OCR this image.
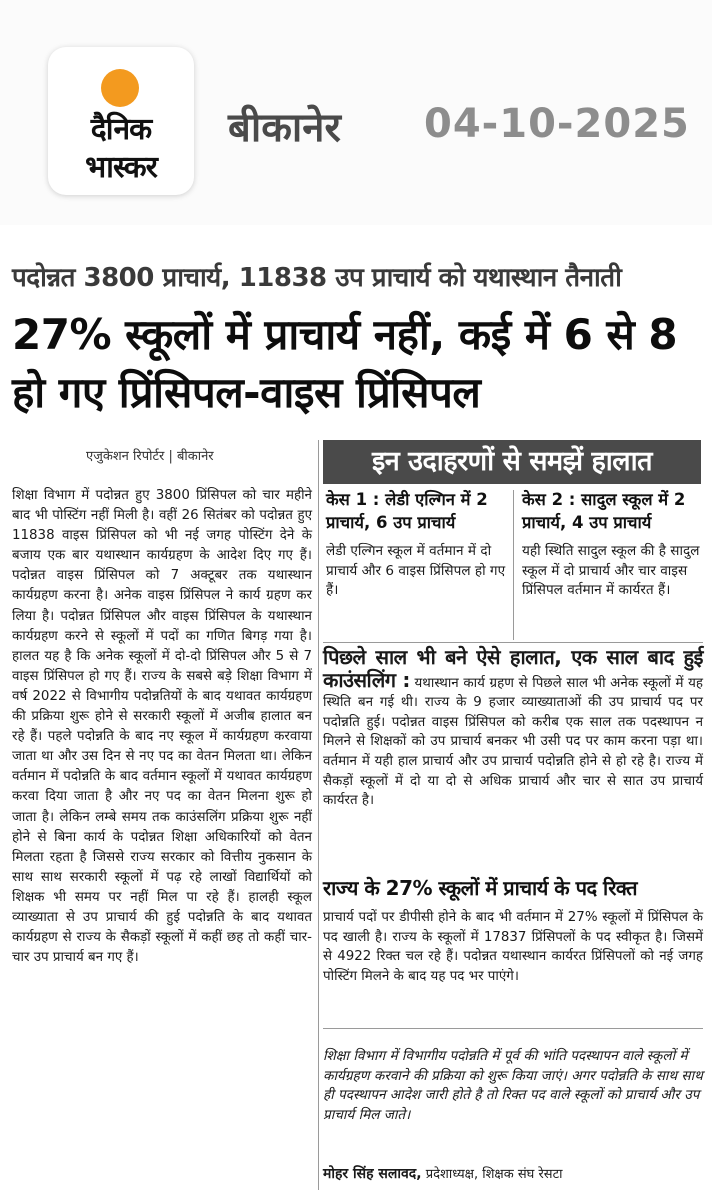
दैनिक
भास्कर
बीकानेर 04-10-2025
पदोन्नत 3800 प्राचार्य, 11838 उप प्राचार्य को यथास्थान तैनाती
27% स्कूलों में प्राचार्य नहीं, कई में 6 से 8 हो गए प्रिंसिपल-वाइस प्रिंसिपल
एजुकेशन रिपोर्टर | बीकानेर
शिक्षा विभाग में पदोन्नत हुए 3800 प्रिंसिपल को चार महीने बाद भी पोस्टिंग नहीं मिली है। वहीं 26 सितंबर को पदोन्नत हुए 11838 वाइस प्रिंसिपल को भी नई जगह पोस्टिंग देने के बजाय एक बार यथास्थान कार्यग्रहण के आदेश दिए गए हैं। पदोन्नत वाइस प्रिंसिपल को 7 अक्टूबर तक यथास्थान कार्यग्रहण करना है। अनेक वाइस प्रिंसिपल ने कार्य ग्रहण कर लिया है। पदोन्नत प्रिंसिपल और वाइस प्रिंसिपल के यथास्थान कार्यग्रहण करने से स्कूलों में पदों का गणित बिगड़ गया है। हालत यह है कि अनेक स्कूलों में दो-दो प्रिंसिपल और 5 से 7 वाइस प्रिंसिपल हो गए हैं। राज्य के सबसे बड़े शिक्षा विभाग में वर्ष 2022 से विभागीय पदोन्नतियों के बाद यथावत कार्यग्रहण की प्रक्रिया शुरू होने से सरकारी स्कूलों में अजीब हालात बन रहे हैं। पहले पदोन्नति के बाद नए स्कूल में कार्यग्रहण करवाया जाता था और उस दिन से नए पद का वेतन मिलता था। लेकिन वर्तमान में पदोन्नति के बाद वर्तमान स्कूलों में यथावत कार्यग्रहण करवा दिया जाता है और नए पद का वेतन मिलना शुरू हो जाता है। लेकिन लम्बे समय तक काउंसलिंग प्रक्रिया शुरू नहीं होने से बिना कार्य के पदोन्नत शिक्षा अधिकारियों को वेतन मिलता रहता है जिससे राज्य सरकार को वित्तीय नुकसान के साथ साथ सरकारी स्कूलों में पढ़ रहे लाखों विद्यार्थियों को शिक्षक भी समय पर नहीं मिल पा रहे हैं। हालही स्कूल व्याख्याता से उप प्राचार्य की हुई पदोन्नति के बाद यथावत कार्यग्रहण से राज्य के सैकड़ों स्कूलों में कहीं छह तो कहीं चार-चार उप प्राचार्य बन गए हैं।
इन उदाहरणों से समझें हालात
केस 1 : लेडी एल्गिन में 2 प्राचार्य, 6 उप प्राचार्य
लेडी एल्गिन स्कूल में वर्तमान में दो प्राचार्य और 6 वाइस प्रिंसिपल हो गए हैं।
केस 2 : सादुल स्कूल में 2 प्राचार्य, 4 उप प्राचार्य
यही स्थिति सादुल स्कूल की है सादुल स्कूल में दो प्राचार्य और चार वाइस प्रिंसिपल वर्तमान में कार्यरत हैं।
पिछले साल भी बने ऐसे हालात, एक साल बाद हुई काउंसलिंग : यथास्थान कार्य ग्रहण से पिछले साल भी अनेक स्कूलों में यह स्थिति बन गई थी। राज्य के 9 हजार व्याख्याताओं की उप प्राचार्य पद पर पदोन्नति हुई। पदोन्नत वाइस प्रिंसिपल को करीब एक साल तक पदस्थापन न मिलने से शिक्षकों को उप प्राचार्य बनकर भी उसी पद पर काम करना पड़ा था। वर्तमान में यही हाल प्राचार्य और उप प्राचार्य पदोन्नति होने से हो रहे है। राज्य में सैकड़ों स्कूलों में दो या दो से अधिक प्राचार्य और चार से सात उप प्राचार्य कार्यरत है।
राज्य के 27% स्कूलों में प्राचार्य के पद रिक्त
प्राचार्य पदों पर डीपीसी होने के बाद भी वर्तमान में 27% स्कूलों में प्रिंसिपल के पद खाली है। राज्य के स्कूलों में 17837 प्रिंसिपलों के पद स्वीकृत है। जिसमें से 4922 रिक्त चल रहे हैं। पदोन्नत यथास्थान कार्यरत प्रिंसिपलों को नई जगह पोस्टिंग मिलने के बाद यह पद भर पाएंगे।
शिक्षा विभाग में विभागीय पदोन्नति में पूर्व की भांति पदस्थापन वाले स्कूलों में कार्यग्रहण करवाने की प्रक्रिया को शुरू किया जाएं। अगर पदोन्नति के साथ साथ ही पदस्थापन आदेश जारी होते है तो रिक्त पद वाले स्कूलों को प्राचार्य और उप प्राचार्य मिल जाते।
मोहर सिंह सलावद, प्रदेशाध्यक्ष, शिक्षक संघ रेसटा
